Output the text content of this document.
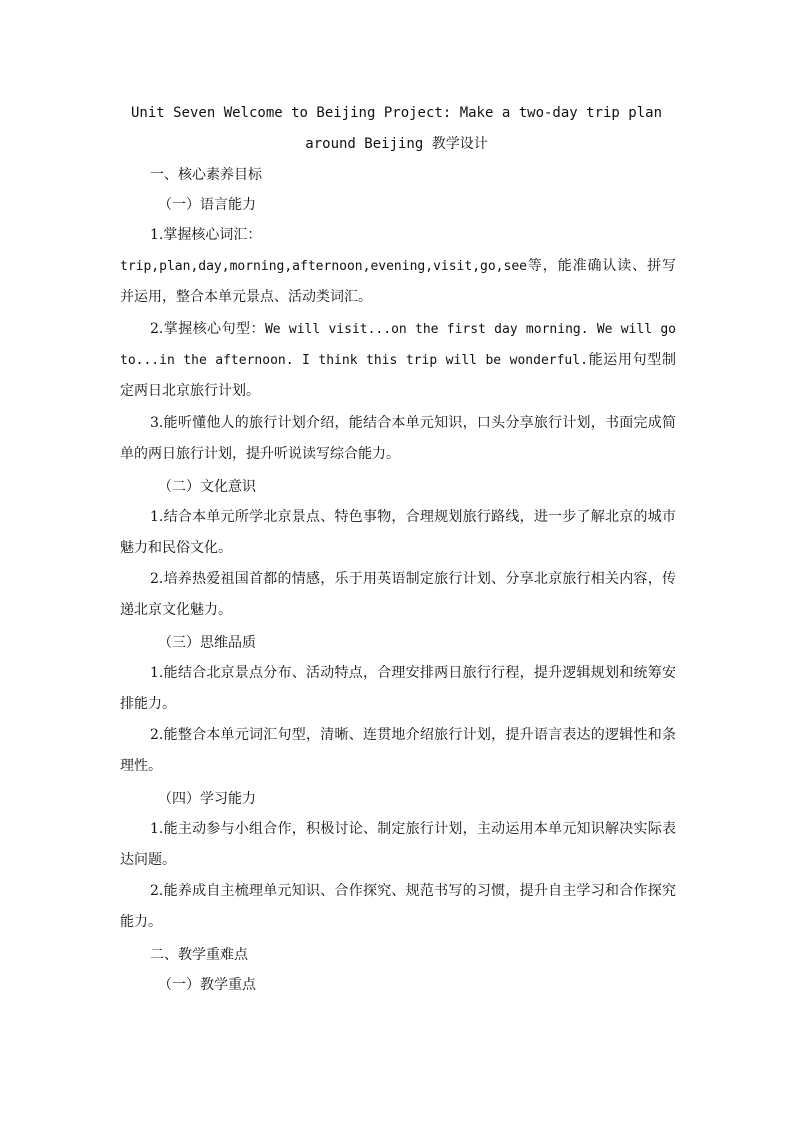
Unit Seven Welcome to Beijing Project: Make a two-day trip plan around Beijing 教学设计
一、核心素养目标
（一）语言能力
1.掌握核心词汇：
trip,plan,day,morning,afternoon,evening,visit,go,see等，能准确认读、拼写并运用，整合本单元景点、活动类词汇。
2.掌握核心句型：We will visit...on the first day morning. We will go to...in the afternoon. I think this trip will be wonderful.能运用句型制定两日北京旅行计划。
3.能听懂他人的旅行计划介绍，能结合本单元知识，口头分享旅行计划，书面完成简单的两日旅行计划，提升听说读写综合能力。
（二）文化意识
1.结合本单元所学北京景点、特色事物，合理规划旅行路线，进一步了解北京的城市魅力和民俗文化。
2.培养热爱祖国首都的情感，乐于用英语制定旅行计划、分享北京旅行相关内容，传递北京文化魅力。
（三）思维品质
1.能结合北京景点分布、活动特点，合理安排两日旅行行程，提升逻辑规划和统筹安排能力。
2.能整合本单元词汇句型，清晰、连贯地介绍旅行计划，提升语言表达的逻辑性和条理性。
（四）学习能力
1.能主动参与小组合作，积极讨论、制定旅行计划，主动运用本单元知识解决实际表达问题。
2.能养成自主梳理单元知识、合作探究、规范书写的习惯，提升自主学习和合作探究能力。
二、教学重难点
（一）教学重点
